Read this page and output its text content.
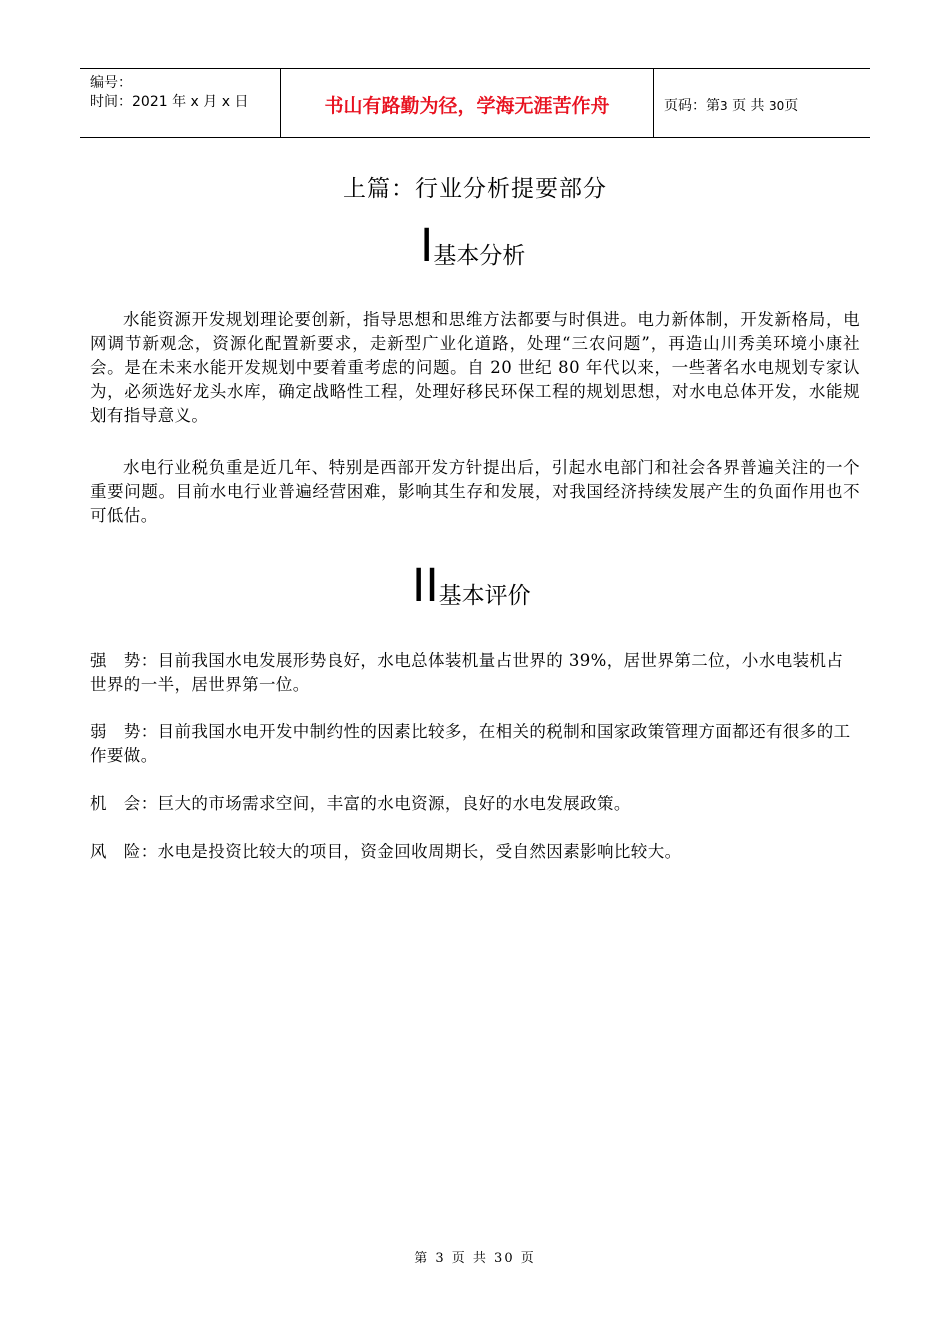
编号：
时间：2021 年 x 月 x 日	书山有路勤为径，学海无涯苦作舟	页码：第3 页 共 30页
上篇：行业分析提要部分
I基本分析
水能资源开发规划理论要创新，指导思想和思维方法都要与时俱进。电力新体制，开发新格局，电网调节新观念，资源化配置新要求，走新型广业化道路，处理“三农问题”，再造山川秀美环境小康社会。是在未来水能开发规划中要着重考虑的问题。自 20 世纪 80 年代以来，一些著名水电规划专家认为，必须选好龙头水库，确定战略性工程，处理好移民环保工程的规划思想，对水电总体开发，水能规划有指导意义。
水电行业税负重是近几年、特别是西部开发方针提出后，引起水电部门和社会各界普遍关注的一个重要问题。目前水电行业普遍经营困难，影响其生存和发展，对我国经济持续发展产生的负面作用也不可低估。
II基本评价
强　势：目前我国水电发展形势良好，水电总体装机量占世界的 39%，居世界第二位，小水电装机占世界的一半，居世界第一位。
弱　势：目前我国水电开发中制约性的因素比较多，在相关的税制和国家政策管理方面都还有很多的工作要做。
机　会：巨大的市场需求空间，丰富的水电资源，良好的水电发展政策。
风　险：水电是投资比较大的项目，资金回收周期长，受自然因素影响比较大。
第 3 页 共 30 页
